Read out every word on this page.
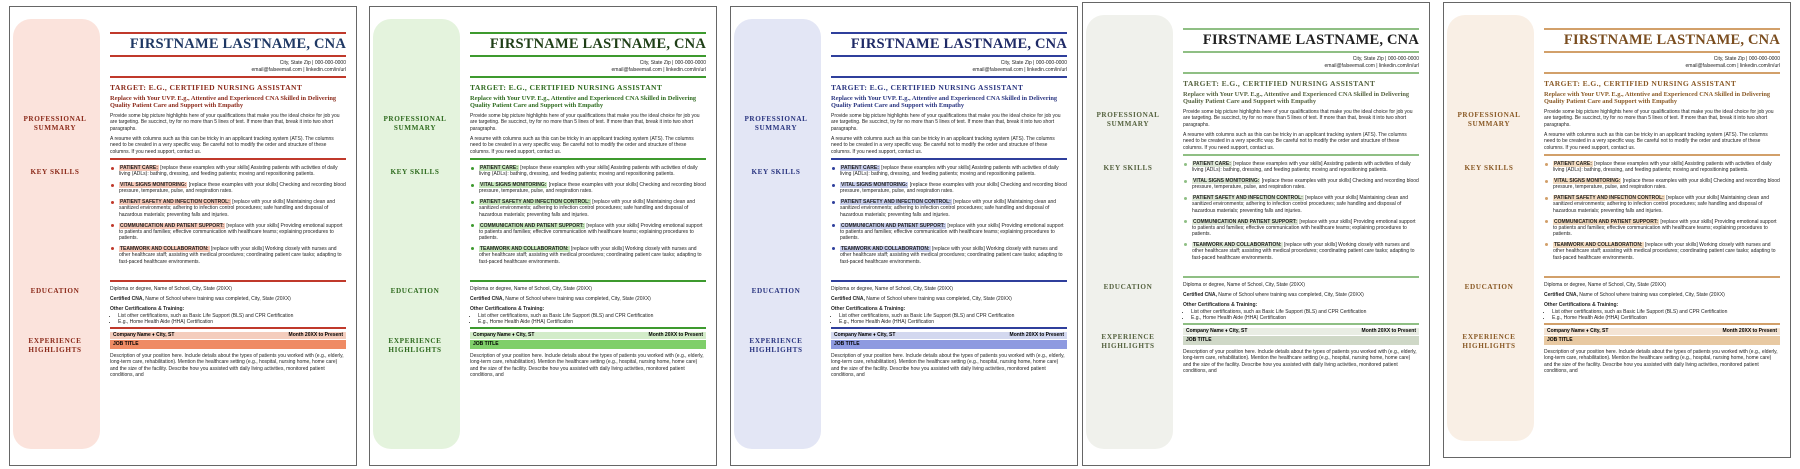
FIRSTNAME LASTNAME, CNA
City, State Zip | 000-000-0000
email@falseemail.com | linkedin.com/in/url
TARGET: E.G., CERTIFIED NURSING ASSISTANT
Replace with Your UVP. E.g., Attentive and Experienced CNA Skilled in Delivering Quality Patient Care and Support with Empathy

Provide some big picture highlights here of your qualifications that make you the ideal choice for job you are targeting. Be succinct, try for no more than 5 lines of text. If more than that, break it into two short paragraphs.

A resume with columns such as this can be tricky in an applicant tracking system (ATS). The columns need to be created in a very specific way. Be careful not to modify the order and structure of these columns. If you need support, contact us.

PROFESSIONAL SUMMARY
KEY SKILLS	PATIENT CARE: [replace these examples with your skills] Assisting patients with activities of daily living (ADLs): bathing, dressing, and feeding patients; moving and repositioning patients.
VITAL SIGNS MONITORING: [replace these examples with your skills] Checking and recording blood pressure, temperature, pulse, and respiration rates.
PATIENT SAFETY AND INFECTION CONTROL: [replace with your skills] Maintaining clean and sanitized environments; adhering to infection control procedures; safe handling and disposal of hazardous materials; preventing falls and injuries.
COMMUNICATION AND PATIENT SUPPORT: [replace with your skills] Providing emotional support to patients and families; effective communication with healthcare teams; explaining procedures to patients.
TEAMWORK AND COLLABORATION: [replace with your skills] Working closely with nurses and other healthcare staff; assisting with medical procedures; coordinating patient care tasks; adapting to fast-paced healthcare environments.
EDUCATION	Diploma or degree, Name of School, City, State (20XX)

Certified CNA, Name of School where training was completed, City, State (20XX)

Other Certifications & Training:

• List other certifications, such as Basic Life Support (BLS) and CPR Certification
• E.g., Home Health Aide (HHA) Certification
EXPERIENCE HIGHLIGHTS
Month 20XX to Present
Company Name ♦ City, ST
JOB TITLE

Description of your position here. Include details about the types of patients you worked with (e.g., elderly, long-term care, rehabilitation). Mention the healthcare setting (e.g., hospital, nursing home, home care) and the size of the facility. Describe how you assisted with daily living activities, monitored patient conditions, and

FIRSTNAME LASTNAME, CNA
City, State Zip | 000-000-0000
email@falseemail.com | linkedin.com/in/url
TARGET: E.G., CERTIFIED NURSING ASSISTANT
Replace with Your UVP. E.g., Attentive and Experienced CNA Skilled in Delivering Quality Patient Care and Support with Empathy

Provide some big picture highlights here of your qualifications that make you the ideal choice for job you are targeting. Be succinct, try for no more than 5 lines of text. If more than that, break it into two short paragraphs.

A resume with columns such as this can be tricky in an applicant tracking system (ATS). The columns need to be created in a very specific way. Be careful not to modify the order and structure of these columns. If you need support, contact us.

PROFESSIONAL SUMMARY
KEY SKILLS	PATIENT CARE: [replace these examples with your skills] Assisting patients with activities of daily living (ADLs): bathing, dressing, and feeding patients; moving and repositioning patients.
VITAL SIGNS MONITORING: [replace these examples with your skills] Checking and recording blood pressure, temperature, pulse, and respiration rates.
PATIENT SAFETY AND INFECTION CONTROL: [replace with your skills] Maintaining clean and sanitized environments; adhering to infection control procedures; safe handling and disposal of hazardous materials; preventing falls and injuries.
COMMUNICATION AND PATIENT SUPPORT: [replace with your skills] Providing emotional support to patients and families; effective communication with healthcare teams; explaining procedures to patients.
TEAMWORK AND COLLABORATION: [replace with your skills] Working closely with nurses and other healthcare staff; assisting with medical procedures; coordinating patient care tasks; adapting to fast-paced healthcare environments.
EDUCATION	Diploma or degree, Name of School, City, State (20XX)

Certified CNA, Name of School where training was completed, City, State (20XX)

Other Certifications & Training:

• List other certifications, such as Basic Life Support (BLS) and CPR Certification
• E.g., Home Health Aide (HHA) Certification
EXPERIENCE HIGHLIGHTS
Month 20XX to Present
Company Name ♦ City, ST
JOB TITLE

Description of your position here. Include details about the types of patients you worked with (e.g., elderly, long-term care, rehabilitation). Mention the healthcare setting (e.g., hospital, nursing home, home care) and the size of the facility. Describe how you assisted with daily living activities, monitored patient conditions, and

FIRSTNAME LASTNAME, CNA
City, State Zip | 000-000-0000
email@falseemail.com | linkedin.com/in/url
TARGET: E.G., CERTIFIED NURSING ASSISTANT
Replace with Your UVP. E.g., Attentive and Experienced CNA Skilled in Delivering Quality Patient Care and Support with Empathy

Provide some big picture highlights here of your qualifications that make you the ideal choice for job you are targeting. Be succinct, try for no more than 5 lines of text. If more than that, break it into two short paragraphs.

A resume with columns such as this can be tricky in an applicant tracking system (ATS). The columns need to be created in a very specific way. Be careful not to modify the order and structure of these columns. If you need support, contact us.

PROFESSIONAL SUMMARY
KEY SKILLS	PATIENT CARE: [replace these examples with your skills] Assisting patients with activities of daily living (ADLs): bathing, dressing, and feeding patients; moving and repositioning patients.
VITAL SIGNS MONITORING: [replace these examples with your skills] Checking and recording blood pressure, temperature, pulse, and respiration rates.
PATIENT SAFETY AND INFECTION CONTROL: [replace with your skills] Maintaining clean and sanitized environments; adhering to infection control procedures; safe handling and disposal of hazardous materials; preventing falls and injuries.
COMMUNICATION AND PATIENT SUPPORT: [replace with your skills] Providing emotional support to patients and families; effective communication with healthcare teams; explaining procedures to patients.
TEAMWORK AND COLLABORATION: [replace with your skills] Working closely with nurses and other healthcare staff; assisting with medical procedures; coordinating patient care tasks; adapting to fast-paced healthcare environments.
EDUCATION	Diploma or degree, Name of School, City, State (20XX)

Certified CNA, Name of School where training was completed, City, State (20XX)

Other Certifications & Training:

• List other certifications, such as Basic Life Support (BLS) and CPR Certification
• E.g., Home Health Aide (HHA) Certification
EXPERIENCE HIGHLIGHTS
Month 20XX to Present
Company Name ♦ City, ST
JOB TITLE

Description of your position here. Include details about the types of patients you worked with (e.g., elderly, long-term care, rehabilitation). Mention the healthcare setting (e.g., hospital, nursing home, home care) and the size of the facility. Describe how you assisted with daily living activities, monitored patient conditions, and

FIRSTNAME LASTNAME, CNA
City, State Zip | 000-000-0000
email@falseemail.com | linkedin.com/in/url
TARGET: E.G., CERTIFIED NURSING ASSISTANT
Replace with Your UVP. E.g., Attentive and Experienced CNA Skilled in Delivering Quality Patient Care and Support with Empathy

Provide some big picture highlights here of your qualifications that make you the ideal choice for job you are targeting. Be succinct, try for no more than 5 lines of text. If more than that, break it into two short paragraphs.

A resume with columns such as this can be tricky in an applicant tracking system (ATS). The columns need to be created in a very specific way. Be careful not to modify the order and structure of these columns. If you need support, contact us.

PROFESSIONAL SUMMARY
KEY SKILLS	PATIENT CARE: [replace these examples with your skills] Assisting patients with activities of daily living (ADLs): bathing, dressing, and feeding patients; moving and repositioning patients.
VITAL SIGNS MONITORING: [replace these examples with your skills] Checking and recording blood pressure, temperature, pulse, and respiration rates.
PATIENT SAFETY AND INFECTION CONTROL: [replace with your skills] Maintaining clean and sanitized environments; adhering to infection control procedures; safe handling and disposal of hazardous materials; preventing falls and injuries.
COMMUNICATION AND PATIENT SUPPORT: [replace with your skills] Providing emotional support to patients and families; effective communication with healthcare teams; explaining procedures to patients.
TEAMWORK AND COLLABORATION: [replace with your skills] Working closely with nurses and other healthcare staff; assisting with medical procedures; coordinating patient care tasks; adapting to fast-paced healthcare environments.
EDUCATION	Diploma or degree, Name of School, City, State (20XX)

Certified CNA, Name of School where training was completed, City, State (20XX)

Other Certifications & Training:

• List other certifications, such as Basic Life Support (BLS) and CPR Certification
• E.g., Home Health Aide (HHA) Certification
EXPERIENCE HIGHLIGHTS
Month 20XX to Present
Company Name ♦ City, ST
JOB TITLE

Description of your position here. Include details about the types of patients you worked with (e.g., elderly, long-term care, rehabilitation). Mention the healthcare setting (e.g., hospital, nursing home, home care) and the size of the facility. Describe how you assisted with daily living activities, monitored patient conditions, and

FIRSTNAME LASTNAME, CNA
City, State Zip | 000-000-0000
email@falseemail.com | linkedin.com/in/url
TARGET: E.G., CERTIFIED NURSING ASSISTANT
Replace with Your UVP. E.g., Attentive and Experienced CNA Skilled in Delivering Quality Patient Care and Support with Empathy

Provide some big picture highlights here of your qualifications that make you the ideal choice for job you are targeting. Be succinct, try for no more than 5 lines of text. If more than that, break it into two short paragraphs.

A resume with columns such as this can be tricky in an applicant tracking system (ATS). The columns need to be created in a very specific way. Be careful not to modify the order and structure of these columns. If you need support, contact us.

PROFESSIONAL SUMMARY
KEY SKILLS	PATIENT CARE: [replace these examples with your skills] Assisting patients with activities of daily living (ADLs): bathing, dressing, and feeding patients; moving and repositioning patients.
VITAL SIGNS MONITORING: [replace these examples with your skills] Checking and recording blood pressure, temperature, pulse, and respiration rates.
PATIENT SAFETY AND INFECTION CONTROL: [replace with your skills] Maintaining clean and sanitized environments; adhering to infection control procedures; safe handling and disposal of hazardous materials; preventing falls and injuries.
COMMUNICATION AND PATIENT SUPPORT: [replace with your skills] Providing emotional support to patients and families; effective communication with healthcare teams; explaining procedures to patients.
TEAMWORK AND COLLABORATION: [replace with your skills] Working closely with nurses and other healthcare staff; assisting with medical procedures; coordinating patient care tasks; adapting to fast-paced healthcare environments.
EDUCATION	Diploma or degree, Name of School, City, State (20XX)

Certified CNA, Name of School where training was completed, City, State (20XX)

Other Certifications & Training:

• List other certifications, such as Basic Life Support (BLS) and CPR Certification
• E.g., Home Health Aide (HHA) Certification
EXPERIENCE HIGHLIGHTS
Month 20XX to Present
Company Name ♦ City, ST
JOB TITLE

Description of your position here. Include details about the types of patients you worked with (e.g., elderly, long-term care, rehabilitation). Mention the healthcare setting (e.g., hospital, nursing home, home care) and the size of the facility. Describe how you assisted with daily living activities, monitored patient conditions, and
